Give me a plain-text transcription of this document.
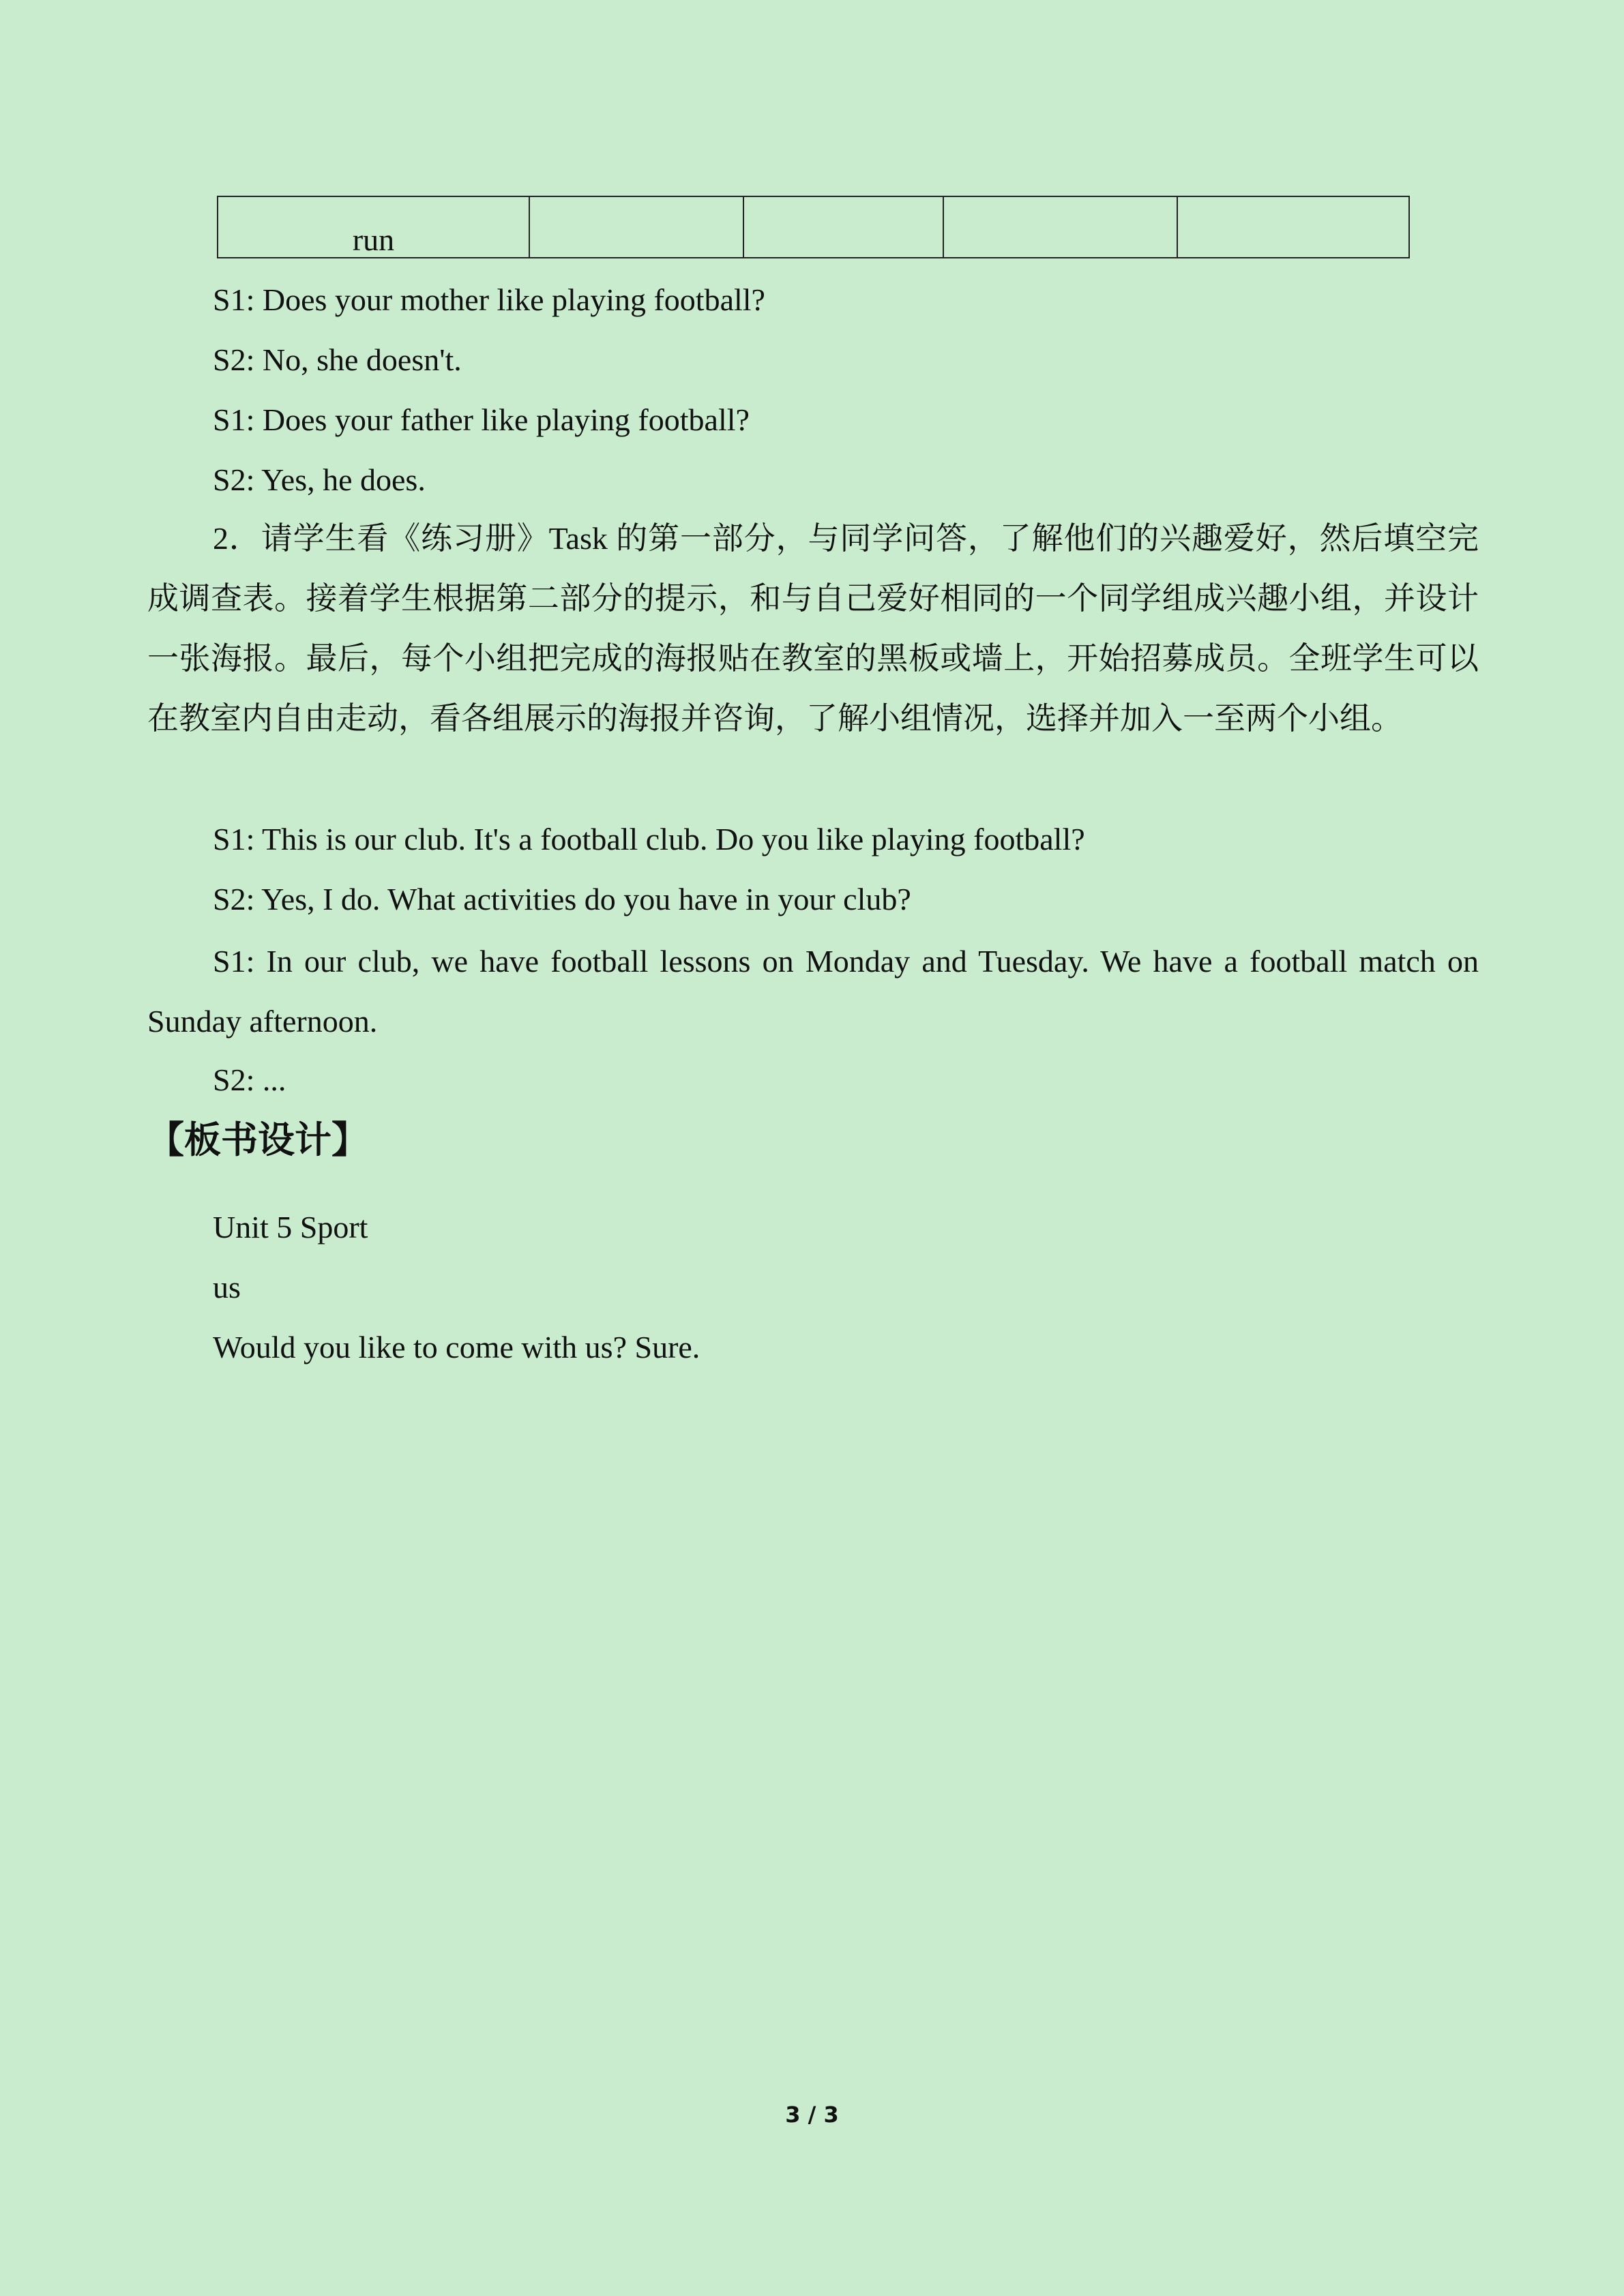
run				
S1: Does your mother like playing football?
S2: No, she doesn't.
S1: Does your father like playing football?
S2: Yes, he does.

2．请学生看《练习册》Task 的第一部分，与同学问答，了解他们的兴趣爱好，然后填空完成调查表。接着学生根据第二部分的提示，和与自己爱好相同的一个同学组成兴趣小组，并设计一张海报。最后，每个小组把完成的海报贴在教室的黑板或墙上，开始招募成员。全班学生可以在教室内自由走动，看各组展示的海报并咨询，了解小组情况，选择并加入一至两个小组。

S1: This is our club. It's a football club. Do you like playing football?
S2: Yes, I do. What activities do you have in your club?

S1: In our club, we have football lessons on Monday and Tuesday. We have a football match on Sunday afternoon.

S2: ...
【板书设计】
Unit 5 Sport
us
Would you like to come with us? Sure.
3 / 3
